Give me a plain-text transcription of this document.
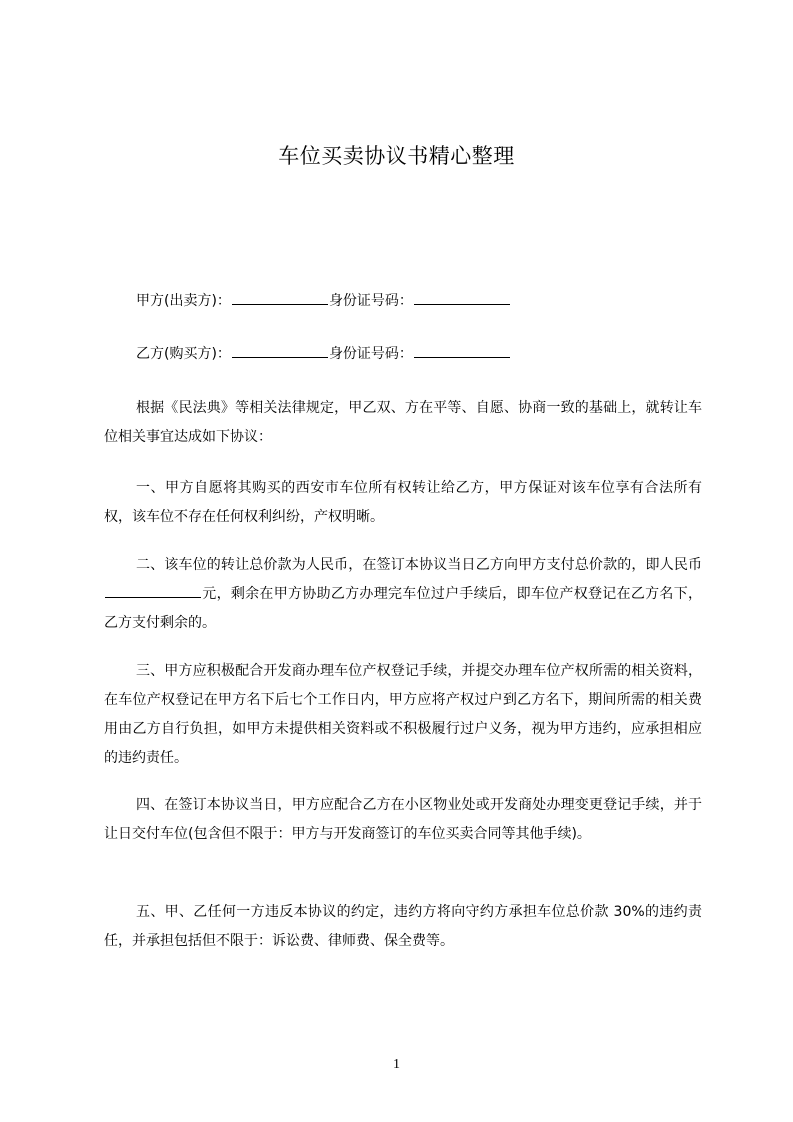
车位买卖协议书精心整理
甲方(出卖方)：	身份证号码：
乙方(购买方)：	身份证号码：
根据《民法典》等相关法律规定，甲乙双、方在平等、自愿、协商一致的基础上，就转让车位相关事宜达成如下协议：
一、甲方自愿将其购买的西安市车位所有权转让给乙方，甲方保证对该车位享有合法所有权，该车位不存在任何权利纠纷，产权明晰。
二、该车位的转让总价款为人民币，在签订本协议当日乙方向甲方支付总价款的，即人民币元，剩余在甲方协助乙方办理完车位过户手续后，即车位产权登记在乙方名下，乙方支付剩余的。
三、甲方应积极配合开发商办理车位产权登记手续，并提交办理车位产权所需的相关资料，在车位产权登记在甲方名下后七个工作日内，甲方应将产权过户到乙方名下，期间所需的相关费用由乙方自行负担，如甲方未提供相关资料或不积极履行过户义务，视为甲方违约，应承担相应的违约责任。
四、在签订本协议当日，甲方应配合乙方在小区物业处或开发商处办理变更登记手续，并于让日交付车位(包含但不限于：甲方与开发商签订的车位买卖合同等其他手续)。
五、甲、乙任何一方违反本协议的约定，违约方将向守约方承担车位总价款 30%的违约责任，并承担包括但不限于：诉讼费、律师费、保全费等。
1
